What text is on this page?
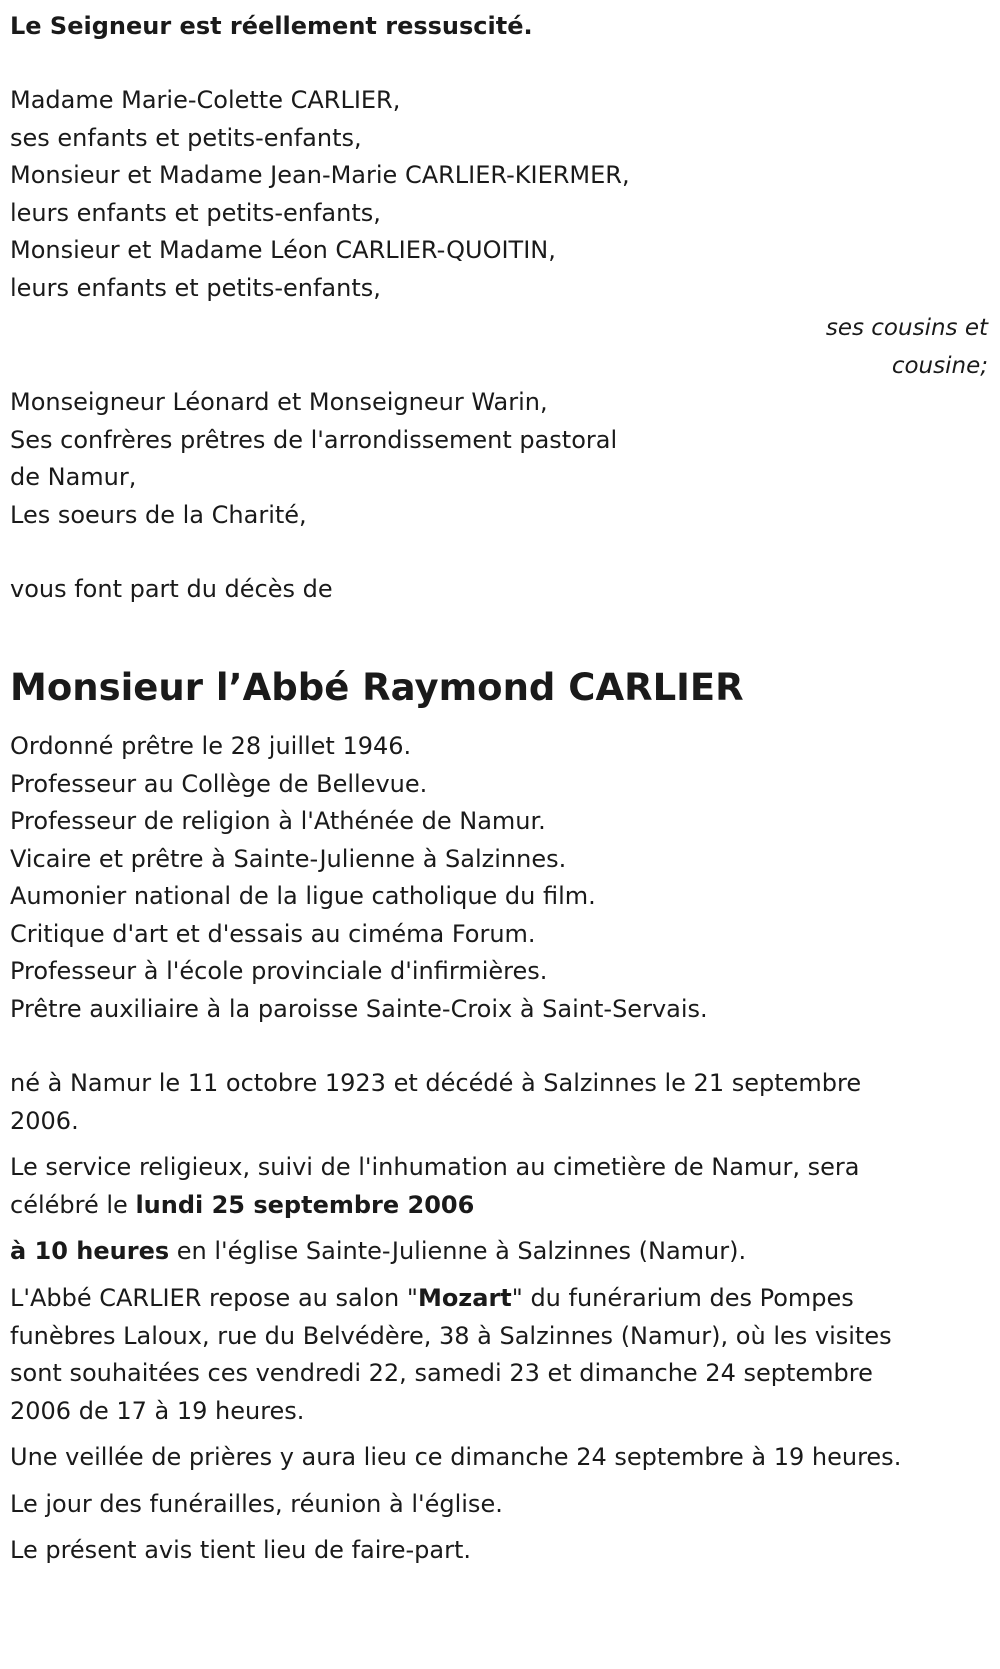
Le Seigneur est réellement ressuscité.

Madame Marie-Colette CARLIER,

ses enfants et petits-enfants,

Monsieur et Madame Jean-Marie CARLIER-KIERMER,

leurs enfants et petits-enfants,

Monsieur et Madame Léon CARLIER-QUOITIN,

leurs enfants et petits-enfants,

ses cousins et
cousine;

Monseigneur Léonard et Monseigneur Warin,

Ses confrères prêtres de l'arrondissement pastoral

de Namur,

Les soeurs de la Charité,

vous font part du décès de

Monsieur l’Abbé Raymond CARLIER

Ordonné prêtre le 28 juillet 1946.

Professeur au Collège de Bellevue.

Professeur de religion à l'Athénée de Namur.

Vicaire et prêtre à Sainte-Julienne à Salzinnes.

Aumonier national de la ligue catholique du film.

Critique d'art et d'essais au ciméma Forum.

Professeur à l'école provinciale d'infirmières.

Prêtre auxiliaire à la paroisse Sainte-Croix à Saint-Servais.

né à Namur le 11 octobre 1923 et décédé à Salzinnes le 21 septembre

2006.

Le service religieux, suivi de l'inhumation au cimetière de Namur, sera

célébré le lundi 25 septembre 2006

à 10 heures en l'église Sainte-Julienne à Salzinnes (Namur).

L'Abbé CARLIER repose au salon "Mozart" du funérarium des Pompes

funèbres Laloux, rue du Belvédère, 38 à Salzinnes (Namur), où les visites

sont souhaitées ces vendredi 22, samedi 23 et dimanche 24 septembre

2006 de 17 à 19 heures.

Une veillée de prières y aura lieu ce dimanche 24 septembre à 19 heures.

Le jour des funérailles, réunion à l'église.

Le présent avis tient lieu de faire-part.
